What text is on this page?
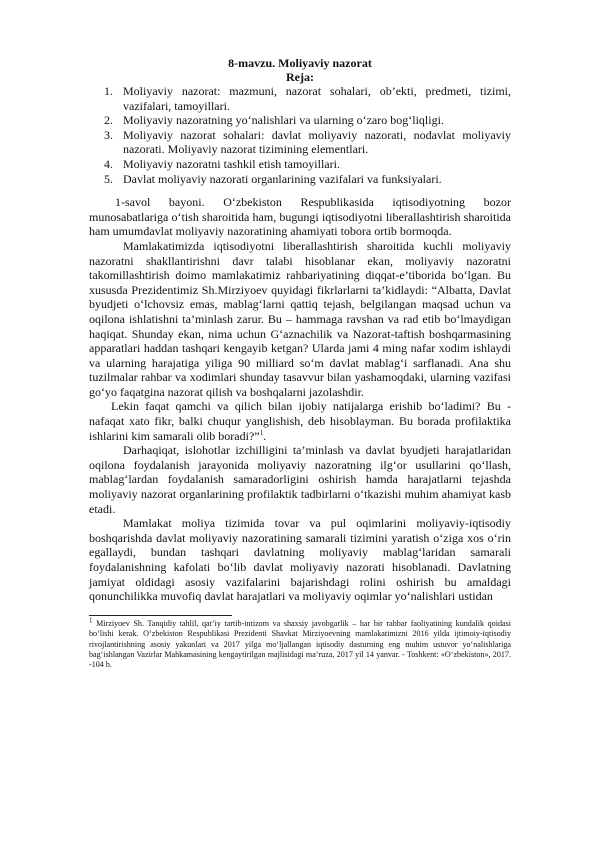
8-mavzu. Moliyaviy nazorat
Reja:
1. Moliyaviy nazorat: mazmuni, nazorat sohalari, ob’ekti, predmeti, tizimi, vazifalari, tamoyillari.
2. Moliyaviy nazoratning yo‘nalishlari va ularning o‘zaro bog‘liqligi.
3. Moliyaviy nazorat sohalari: davlat moliyaviy nazorati, nodavlat moliyaviy nazorati. Moliyaviy nazorat tizimining elementlari.
4. Moliyaviy nazoratni tashkil etish tamoyillari.
5. Davlat moliyaviy nazorati organlarining vazifalari va funksiyalari.

1-savol bayoni. O‘zbekiston Respublikasida iqtisodiyotning bozor munosabatlariga o‘tish sharoitida ham, bugungi iqtisodiyotni liberallashtirish sharoitida ham umumdavlat moliyaviy nazoratining ahamiyati tobora ortib bormoqda.

Mamlakatimizda iqtisodiyotni liberallashtirish sharoitida kuchli moliyaviy nazoratni shakllantirishni davr talabi hisoblanar ekan, moliyaviy nazoratni takomillashtirish doimo mamlakatimiz rahbariyatining diqqat-e’tiborida bo‘lgan. Bu xususda Prezidentimiz Sh.Mirziyoev quyidagi fikrlarlarni ta’kidlaydi: “Albatta, Davlat byudjeti o‘lchovsiz emas, mablag‘larni qattiq tejash, belgilangan maqsad uchun va oqilona ishlatishni ta’minlash zarur. Bu – hammaga ravshan va rad etib bo‘lmaydigan haqiqat. Shunday ekan, nima uchun G‘aznachilik va Nazorat-taftish boshqarmasining apparatlari haddan tashqari kengayib ketgan? Ularda jami 4 ming nafar xodim ishlaydi va ularning harajatiga yiliga 90 milliard so‘m davlat mablag‘i sarflanadi. Ana shu tuzilmalar rahbar va xodimlari shunday tasavvur bilan yashamoqdaki, ularning vazifasi go‘yo faqatgina nazorat qilish va boshqalarni jazolashdir.

Lekin faqat qamchi va qilich bilan ijobiy natijalarga erishib bo‘ladimi? Bu - nafaqat xato fikr, balki chuqur yanglishish, deb hisoblayman. Bu borada profilaktika ishlarini kim samarali olib boradi?”$^1$.

Darhaqiqat, islohotlar izchilligini ta’minlash va davlat byudjeti harajatlaridan oqilona foydalanish jarayonida moliyaviy nazoratning ilg‘or usullarini qo‘llash, mablag‘lardan foydalanish samaradorligini oshirish hamda harajatlarni tejashda moliyaviy nazorat organlarining profilaktik tadbirlarni o‘tkazishi muhim ahamiyat kasb etadi.

Mamlakat moliya tizimida tovar va pul oqimlarini moliyaviy-iqtisodiy boshqarishda davlat moliyaviy nazoratining samarali tizimini yaratish o‘ziga xos o‘rin egallaydi, bundan tashqari davlatning moliyaviy mablag‘laridan samarali foydalanishning kafolati bo‘lib davlat moliyaviy nazorati hisoblanadi. Davlatning jamiyat oldidagi asosiy vazifalarini bajarishdagi rolini oshirish bu amaldagi qonunchilikka muvofiq davlat harajatlari va moliyaviy oqimlar yo‘nalishlari ustidan

$^1$ Mirziyoev Sh. Tanqidiy tahlil, qat’iy tartib-intizom va shaxsiy javobgarlik – har bir rahbar faoliyatining kundalik qoidasi bo‘lishi kerak. O‘zbekiston Respublikasi Prezidenti Shavkat Mirziyoevning mamlakatimizni 2016 yilda ijtimoiy-iqtisodiy rivojlantirishning asosiy yakunlari va 2017 yilga mo‘ljallangan iqtisodiy dasturning eng muhim ustuvor yo‘nalishlariga bag‘ishlangan Vazirlar Mahkamasining kengaytirilgan majlisidagi ma’ruza, 2017 yil 14 yanvar. - Toshkent: «O‘zbekiston», 2017. -104 b.
